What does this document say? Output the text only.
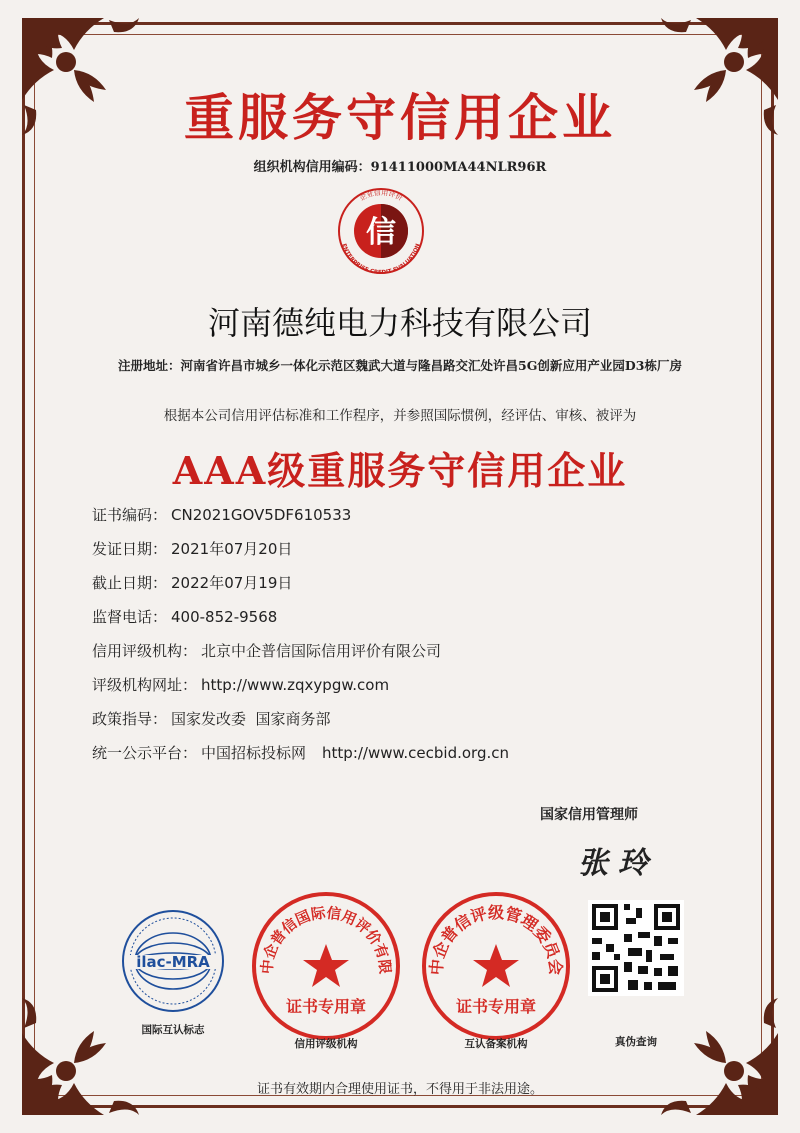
重服务守信用企业
组织机构信用编码：91411000MA44NLR96R
信
企业信用评价
ENTERPRISE CREDIT EVALUATION
河南德纯电力科技有限公司
注册地址：河南省许昌市城乡一体化示范区魏武大道与隆昌路交汇处许昌5G创新应用产业园D3栋厂房
根据本公司信用评估标准和工作程序，并参照国际惯例，经评估、审核、被评为
AAA级重服务守信用企业
证书编码： CN2021GOV5DF610533
发证日期： 2021年07月20日
截止日期： 2022年07月19日
监督电话： 400-852-9568
信用评级机构： 北京中企普信国际信用评价有限公司
评级机构网址： http://www.zqxypgw.com
政策指导： 国家发改委  国家商务部
统一公示平台： 中国招标投标网 http://www.cecbid.org.cn
国家信用管理师
张玲
ilac-MRA	中企普信国际信用评价有限
证书专用章
中企普信评级管理委员会
证书专用章
国际互认标志
信用评级机构	互认备案机构	真伪查询
证书有效期内合理使用证书，不得用于非法用途。
